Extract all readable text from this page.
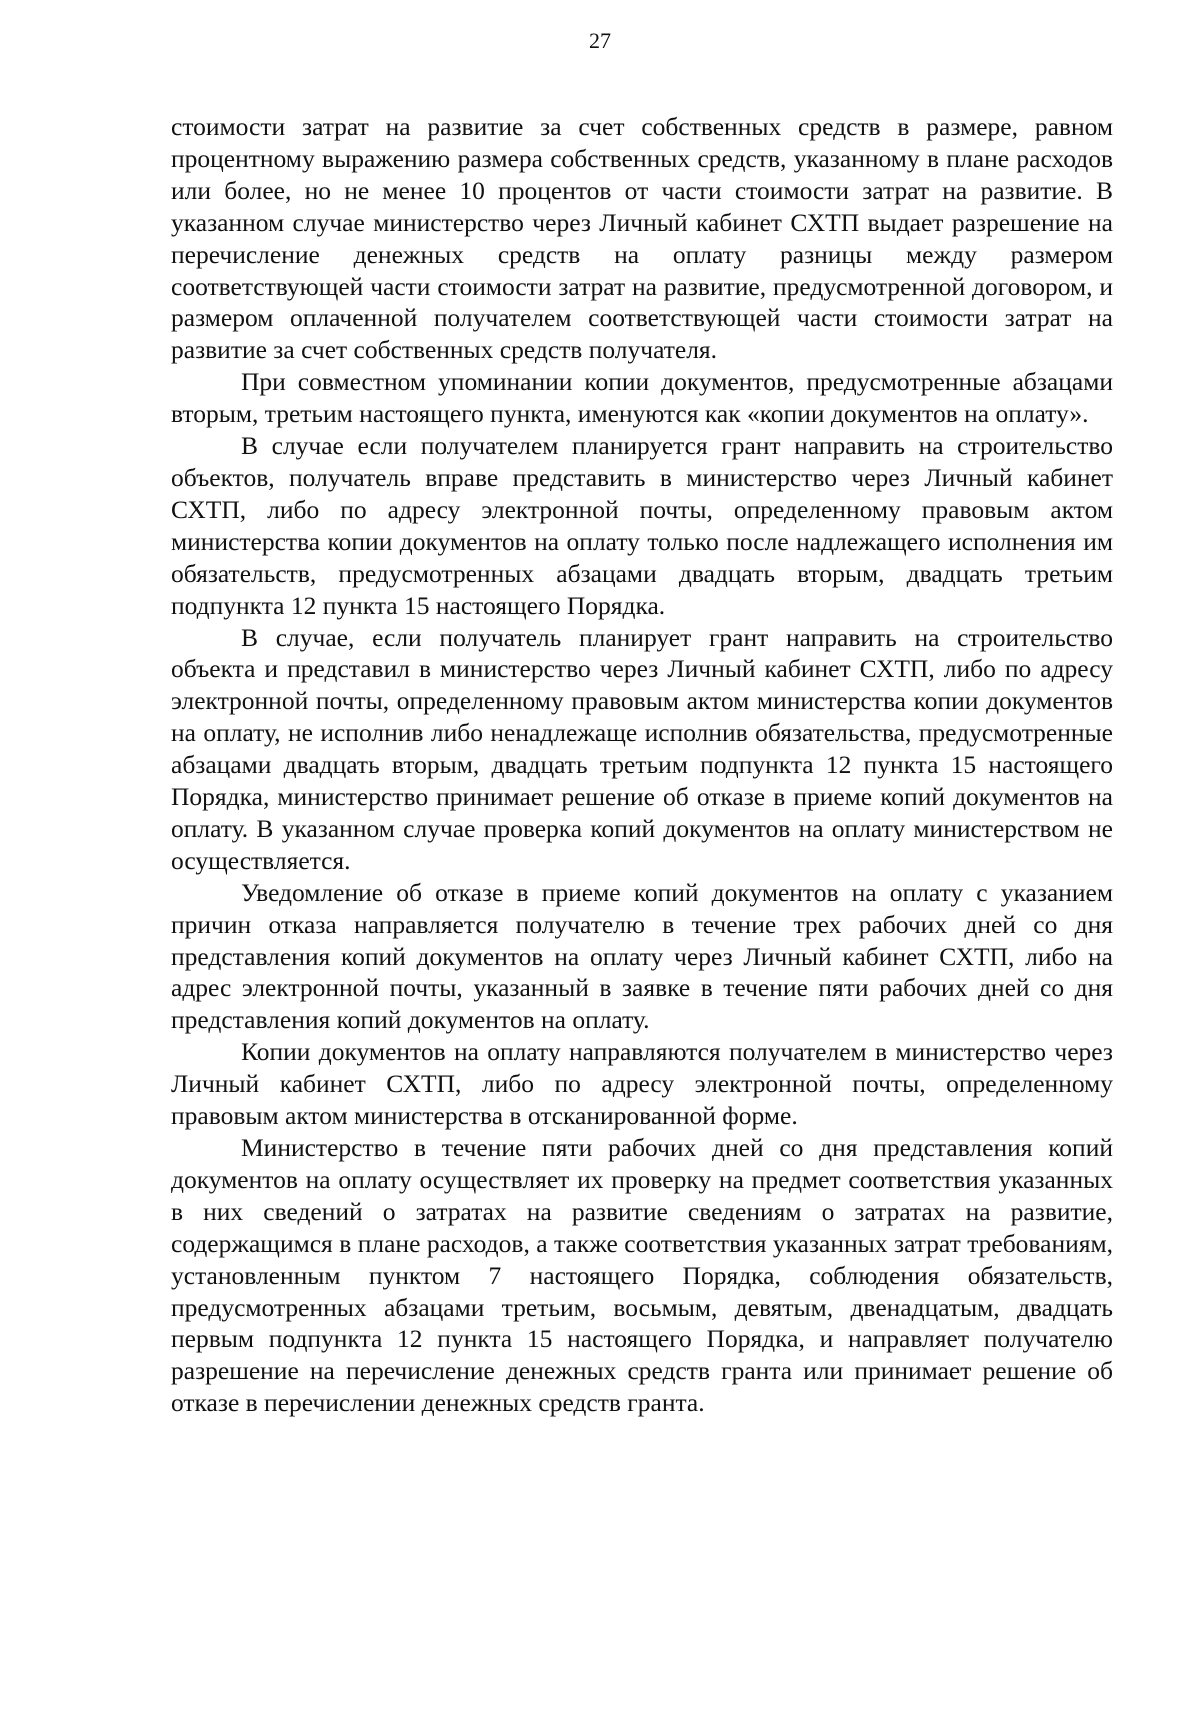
27

стоимости затрат на развитие за счет собственных средств в размере, равном процентному выражению размера собственных средств, указанному в плане расходов или более, но не менее 10 процентов от части стоимости затрат на развитие. В указанном случае министерство через Личный кабинет СХТП выдает разрешение на перечисление денежных средств на оплату разницы между размером соответствующей части стоимости затрат на развитие, предусмотренной договором, и размером оплаченной получателем соответствующей части стоимости затрат на развитие за счет собственных средств получателя.

При совместном упоминании копии документов, предусмотренные абзацами вторым, третьим настоящего пункта, именуются как «копии документов на оплату».

В случае если получателем планируется грант направить на строительство объектов, получатель вправе представить в министерство через Личный кабинет СХТП, либо по адресу электронной почты, определенному правовым актом министерства копии документов на оплату только после надлежащего исполнения им обязательств, предусмотренных абзацами двадцать вторым, двадцать третьим подпункта 12 пункта 15 настоящего Порядка.

В случае, если получатель планирует грант направить на строительство объекта и представил в министерство через Личный кабинет СХТП, либо по адресу электронной почты, определенному правовым актом министерства копии документов на оплату, не исполнив либо ненадлежаще исполнив обязательства, предусмотренные абзацами двадцать вторым, двадцать третьим подпункта 12 пункта 15 настоящего Порядка, министерство принимает решение об отказе в приеме копий документов на оплату. В указанном случае проверка копий документов на оплату министерством не осуществляется.

Уведомление об отказе в приеме копий документов на оплату с указанием причин отказа направляется получателю в течение трех рабочих дней со дня представления копий документов на оплату через Личный кабинет СХТП, либо на адрес электронной почты, указанный в заявке в течение пяти рабочих дней со дня представления копий документов на оплату.

Копии документов на оплату направляются получателем в министерство через Личный кабинет СХТП, либо по адресу электронной почты, определенному правовым актом министерства в отсканированной форме.

Министерство в течение пяти рабочих дней со дня представления копий документов на оплату осуществляет их проверку на предмет соответствия указанных в них сведений о затратах на развитие сведениям о затратах на развитие, содержащимся в плане расходов, а также соответствия указанных затрат требованиям, установленным пунктом 7 настоящего Порядка, соблюдения обязательств, предусмотренных абзацами третьим, восьмым, девятым, двенадцатым, двадцать первым подпункта 12 пункта 15 настоящего Порядка, и направляет получателю разрешение на перечисление денежных средств гранта или принимает решение об отказе в перечислении денежных средств гранта.
